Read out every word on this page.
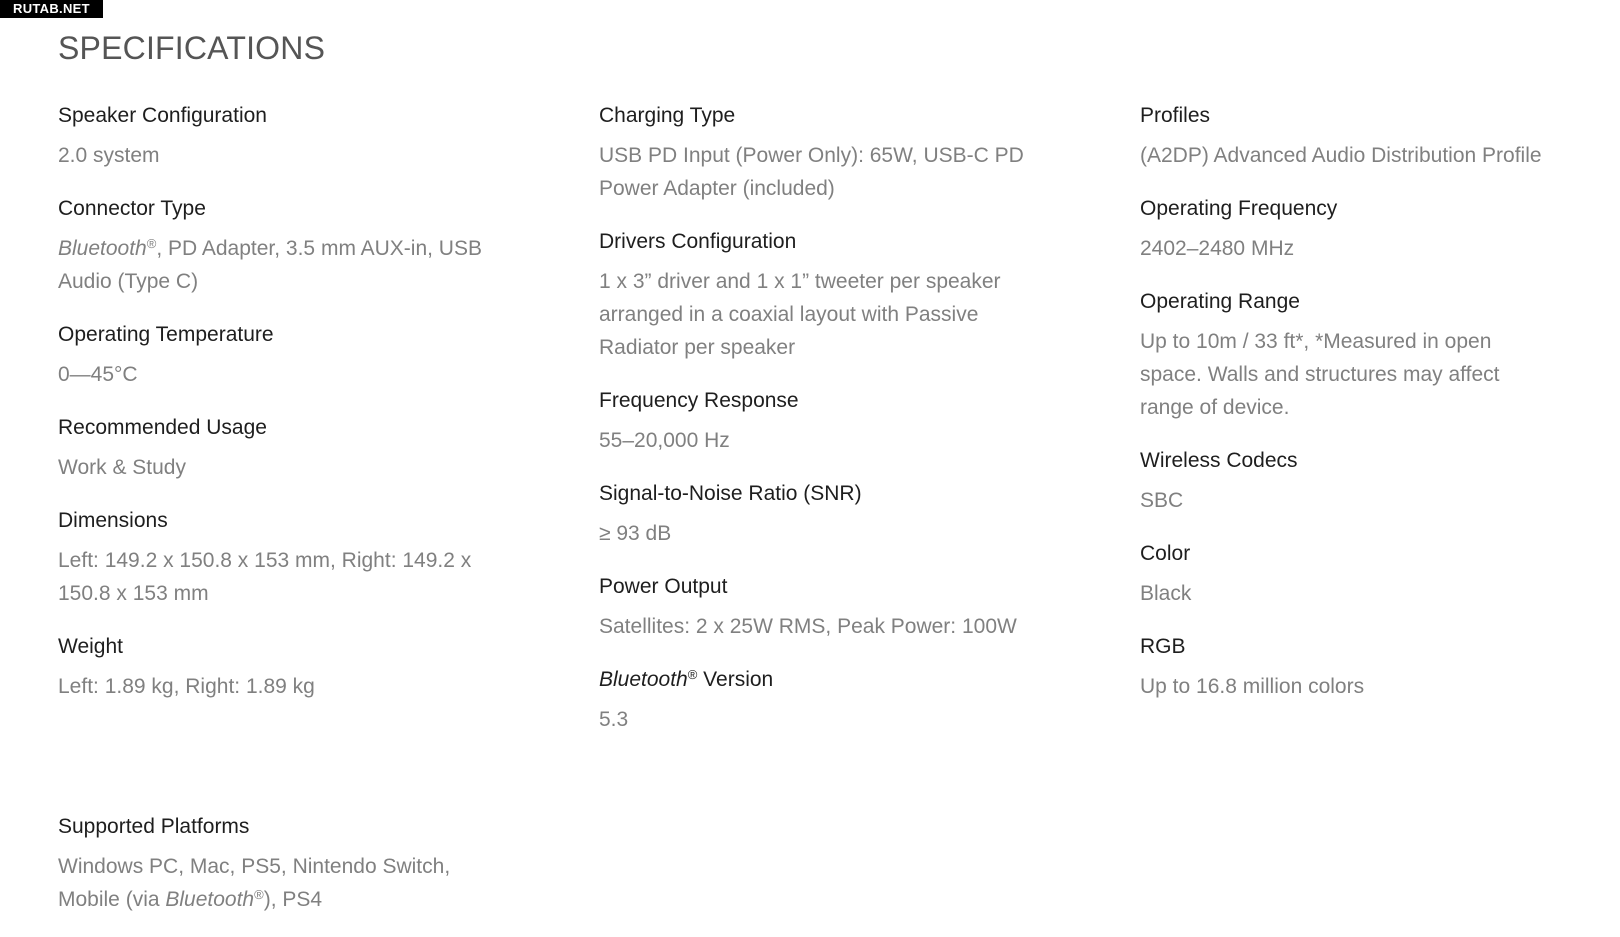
RUTAB.NET
SPECIFICATIONS
Speaker Configuration
2.0 system
Connector Type
Bluetooth®, PD Adapter, 3.5 mm AUX-in, USB Audio (Type C)
Operating Temperature
0—45°C
Recommended Usage
Work & Study
Dimensions
Left: 149.2 x 150.8 x 153 mm, Right: 149.2 x 150.8 x 153 mm
Weight
Left: 1.89 kg, Right: 1.89 kg
Charging Type
USB PD Input (Power Only): 65W, USB-C PD Power Adapter (included)
Drivers Configuration
1 x 3” driver and 1 x 1” tweeter per speaker arranged in a coaxial layout with Passive Radiator per speaker
Frequency Response
55–20,000 Hz
Signal-to-Noise Ratio (SNR)
≥ 93 dB
Power Output
Satellites: 2 x 25W RMS, Peak Power: 100W
Bluetooth® Version
5.3
Profiles
(A2DP) Advanced Audio Distribution Profile
Operating Frequency
2402–2480 MHz
Operating Range
Up to 10m / 33 ft*, *Measured in open space. Walls and structures may affect range of device.
Wireless Codecs
SBC
Color
Black
RGB
Up to 16.8 million colors
Supported Platforms
Windows PC, Mac, PS5, Nintendo Switch, Mobile (via Bluetooth®), PS4
